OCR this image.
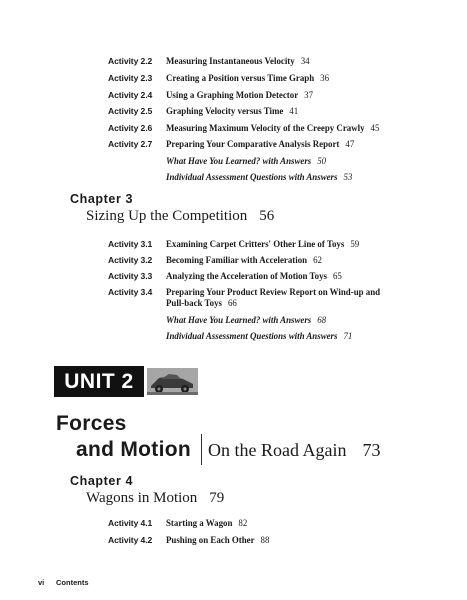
Activity 2.2 Measuring Instantaneous Velocity 34
Activity 2.3 Creating a Position versus Time Graph 36
Activity 2.4 Using a Graphing Motion Detector 37
Activity 2.5 Graphing Velocity versus Time 41
Activity 2.6 Measuring Maximum Velocity of the Creepy Crawly 45
Activity 2.7 Preparing Your Comparative Analysis Report 47
What Have You Learned? with Answers 50
Individual Assessment Questions with Answers 53
Chapter 3
Sizing Up the Competition 56
Activity 3.1 Examining Carpet Critters' Other Line of Toys 59
Activity 3.2 Becoming Familiar with Acceleration 62
Activity 3.3 Analyzing the Acceleration of Motion Toys 65
Activity 3.4 Preparing Your Product Review Report on Wind-up and
Pull-back Toys 66
What Have You Learned? with Answers 68
Individual Assessment Questions with Answers 71
UNIT 2
Forces
and Motion On the Road Again 73
Chapter 4
Wagons in Motion 79
Activity 4.1 Starting a Wagon 82
Activity 4.2 Pushing on Each Other 88
vi Contents
